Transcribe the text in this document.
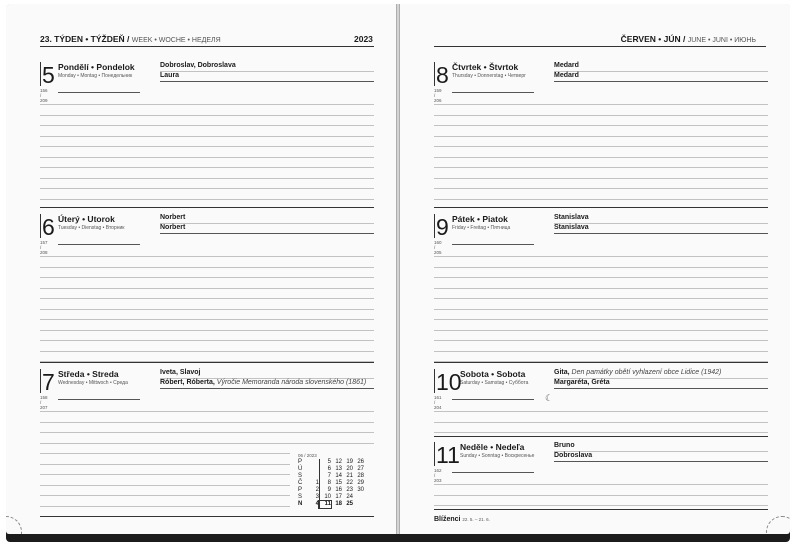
23. TÝDEN • TÝŽDEŇ / WEEK • WOCHE • НЕДЕЛЯ	2023
5 Pondělí • Pondelok
Monday • Montag • Понедельник
156 / 209
Dobroslav, Dobroslava
Laura
6 Úterý • Utorok
Tuesday • Dienstag • Вторник
157 / 208
Norbert
Norbert
7 Středa • Streda
Wednesday • Mittwoch • Среда
158 / 207
Iveta, Slavoj
Róbert, Róberta, Výročie Memoranda národa slovenského (1861)
06 / 2023
P	5 12 19 26
Ú	6 13 20 27
S	7 14 21 28
Č 1 8 15 22 29
P 2 9 16 23 30
S 3 10 17 24
N 4 11 18 25
ČERVEN • JÚN / JUNE • JUNI • ИЮНЬ
8 Čtvrtek • Štvrtok
Thursday • Donnerstag • Четверг
159 / 206
Medard
Medard
9 Pátek • Piatok
Friday • Freitag • Пятница
160 / 205
Stanislava
Stanislava
10
Sobota • Sobota
Saturday • Samstag • Суббота
161 / 204
Gita, Den památky obětí vyhlazení obce Lidice (1942)
Margaréta, Gréta
11 Neděle • Nedeľa
Sunday • Sonntag • Воскресенье
162 / 203
Bruno
Dobroslava
☾
Blíženci 22. 5. – 21. 6.
